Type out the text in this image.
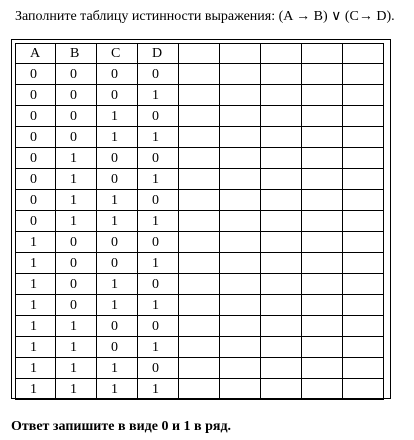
Заполните таблицу истинности выражения: (A → B) ∨ (C→ D).
A	B	C	D					
0	0	0	0					
0	0	0	1					
0	0	1	0					
0	0	1	1					
0	1	0	0					
0	1	0	1					
0	1	1	0					
0	1	1	1					
1	0	0	0					
1	0	0	1					
1	0	1	0					
1	0	1	1					
1	1	0	0					
1	1	0	1					
1	1	1	0					
1	1	1	1					
Ответ запишите в виде 0 и 1 в ряд.
